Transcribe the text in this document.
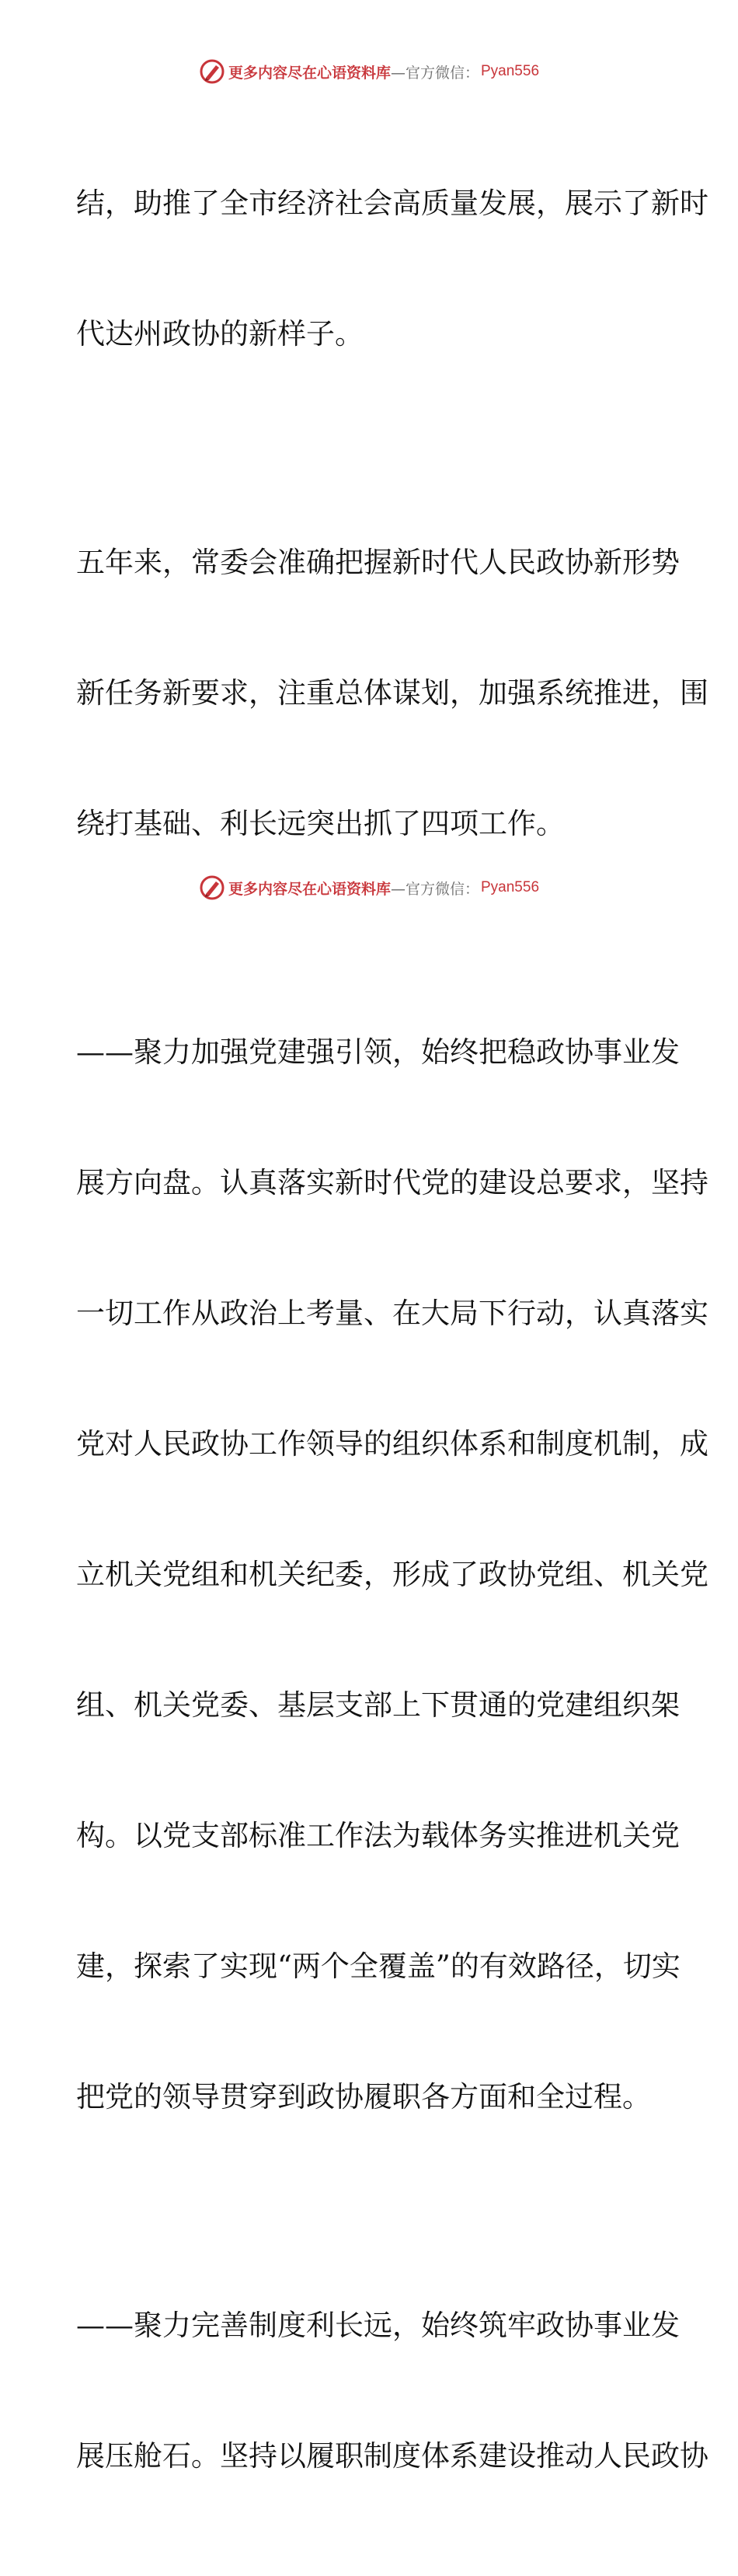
更多内容尽在心语资料库 —官方微信： Pyan556

结，助推了全市经济社会高质量发展，展示了新时

代达州政协的新样子。

五年来，常委会准确把握新时代人民政协新形势

新任务新要求，注重总体谋划，加强系统推进，围

绕打基础、利长远突出抓了四项工作。

——聚力加强党建强引领，始终把稳政协事业发

展方向盘。认真落实新时代党的建设总要求，坚持

一切工作从政治上考量、在大局下行动，认真落实

党对人民政协工作领导的组织体系和制度机制，成

立机关党组和机关纪委，形成了政协党组、机关党

组、机关党委、基层支部上下贯通的党建组织架

构。以党支部标准工作法为载体务实推进机关党

建，探索了实现“两个全覆盖”的有效路径，切实

把党的领导贯穿到政协履职各方面和全过程。

——聚力完善制度利长远，始终筑牢政协事业发

展压舱石。坚持以履职制度体系建设推动人民政协

更多内容尽在心语资料库 —官方微信： Pyan556
